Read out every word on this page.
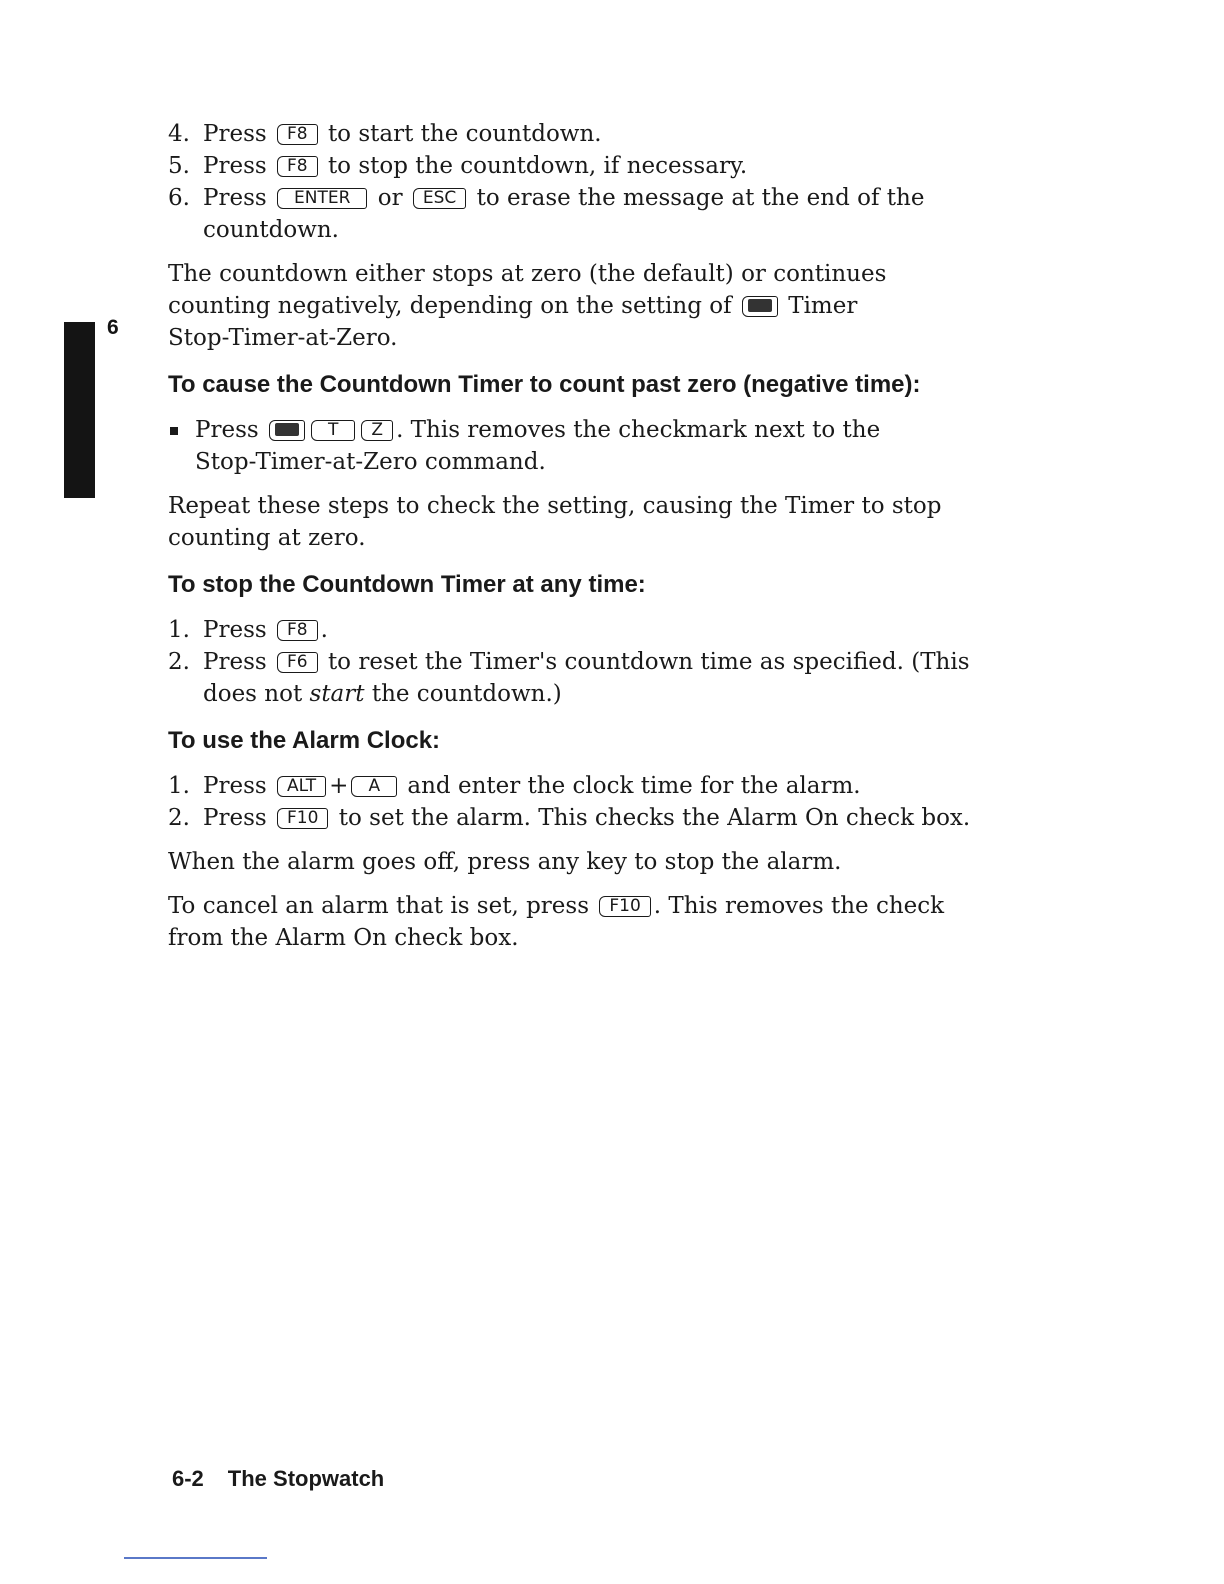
6
4. Press F8 to start the countdown.
5. Press F8 to stop the countdown, if necessary.
6. Press ENTER or ESC to erase the message at the end of the
countdown.

The countdown either stops at zero (the default) or continues
counting negatively, depending on the setting of Timer
Stop-Timer-at-Zero.

To cause the Countdown Timer to count past zero (negative time):
Press	T Z . This removes the checkmark next to the
Stop-Timer-at-Zero command.

Repeat these steps to check the setting, causing the Timer to stop
counting at zero.

To stop the Countdown Timer at any time:
1. Press F8 .
2. Press F6 to reset the Timer's countdown time as specified. (This
does not start the countdown.)
To use the Alarm Clock:
1. Press ALT + A and enter the clock time for the alarm.
2. Press F10 to set the alarm. This checks the Alarm On check box.

When the alarm goes off, press any key to stop the alarm.

To cancel an alarm that is set, press F10 . This removes the check
from the Alarm On check box.

6-2 The Stopwatch
